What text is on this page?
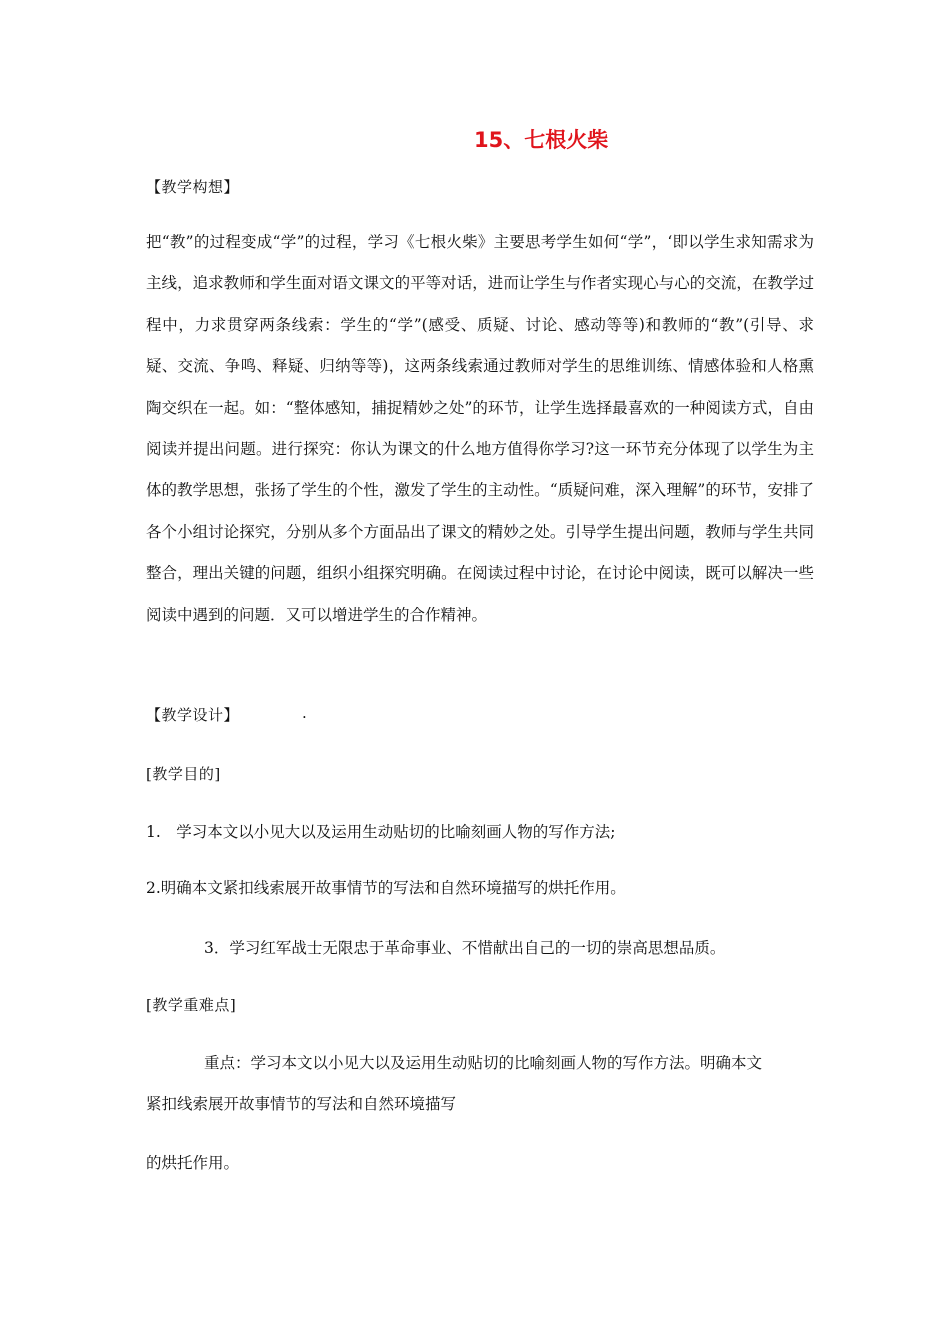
15、七根火柴
【教学构想】
把“教”的过程变成“学”的过程，学习《七根火柴》主要思考学生如何“学”，‘即以学生求知需求为主线，追求教师和学生面对语文课文的平等对话，进而让学生与作者实现心与心的交流，在教学过程中，力求贯穿两条线索：学生的“学”(感受、质疑、讨论、感动等等)和教师的“教”(引导、求疑、交流、争鸣、释疑、归纳等等)，这两条线索通过教师对学生的思维训练、情感体验和人格熏陶交织在一起。如：“整体感知，捕捉精妙之处”的环节，让学生选择最喜欢的一种阅读方式，自由阅读并提出问题。进行探究：你认为课文的什么地方值得你学习?这一环节充分体现了以学生为主体的教学思想，张扬了学生的个性，激发了学生的主动性。“质疑问难，深入理解”的环节，安排了各个小组讨论探究，分别从多个方面品出了课文的精妙之处。引导学生提出问题，教师与学生共同整合，理出关键的问题，组织小组探究明确。在阅读过程中讨论，在讨论中阅读，既可以解决一些阅读中遇到的问题．又可以增进学生的合作精神。
【教学设计】	.
[教学目的]
1.　学习本文以小见大以及运用生动贴切的比喻刻画人物的写作方法;
2.明确本文紧扣线索展开故事情节的写法和自然环境描写的烘托作用。
3．学习红军战士无限忠于革命事业、不惜献出自己的一切的崇高思想品质。
[教学重难点]
重点：学习本文以小见大以及运用生动贴切的比喻刻画人物的写作方法。明确本文
紧扣线索展开故事情节的写法和自然环境描写
的烘托作用。
